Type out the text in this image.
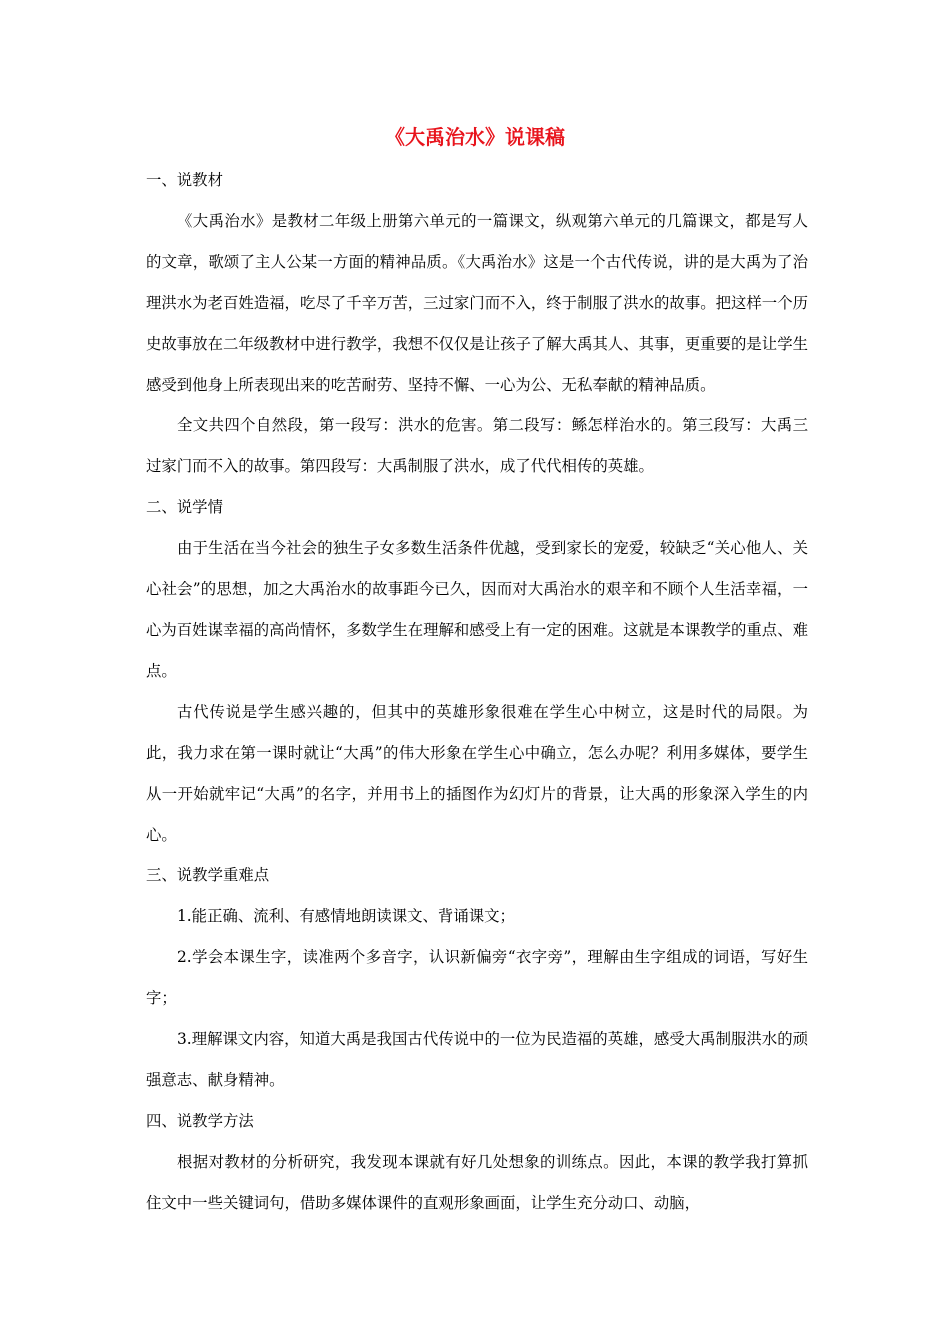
《大禹治水》说课稿

一、说教材

《大禹治水》是教材二年级上册第六单元的一篇课文，纵观第六单元的几篇课文，都是写人的文章，歌颂了主人公某一方面的精神品质。《大禹治水》这是一个古代传说，讲的是大禹为了治理洪水为老百姓造福，吃尽了千辛万苦，三过家门而不入，终于制服了洪水的故事。把这样一个历史故事放在二年级教材中进行教学，我想不仅仅是让孩子了解大禹其人、其事，更重要的是让学生感受到他身上所表现出来的吃苦耐劳、坚持不懈、一心为公、无私奉献的精神品质。

全文共四个自然段，第一段写：洪水的危害。第二段写：鲧怎样治水的。第三段写：大禹三过家门而不入的故事。第四段写：大禹制服了洪水，成了代代相传的英雄。

二、说学情

由于生活在当今社会的独生子女多数生活条件优越，受到家长的宠爱，较缺乏“关心他人、关心社会”的思想，加之大禹治水的故事距今已久，因而对大禹治水的艰辛和不顾个人生活幸福，一心为百姓谋幸福的高尚情怀，多数学生在理解和感受上有一定的困难。这就是本课教学的重点、难点。

古代传说是学生感兴趣的，但其中的英雄形象很难在学生心中树立，这是时代的局限。为此，我力求在第一课时就让“大禹”的伟大形象在学生心中确立，怎么办呢？利用多媒体，要学生从一开始就牢记“大禹”的名字，并用书上的插图作为幻灯片的背景，让大禹的形象深入学生的内心。

三、说教学重难点

1.能正确、流利、有感情地朗读课文、背诵课文；

2.学会本课生字，读准两个多音字，认识新偏旁“衣字旁”，理解由生字组成的词语，写好生字；

3.理解课文内容，知道大禹是我国古代传说中的一位为民造福的英雄，感受大禹制服洪水的顽强意志、献身精神。

四、说教学方法

根据对教材的分析研究，我发现本课就有好几处想象的训练点。因此，本课的教学我打算抓住文中一些关键词句，借助多媒体课件的直观形象画面，让学生充分动口、动脑，
